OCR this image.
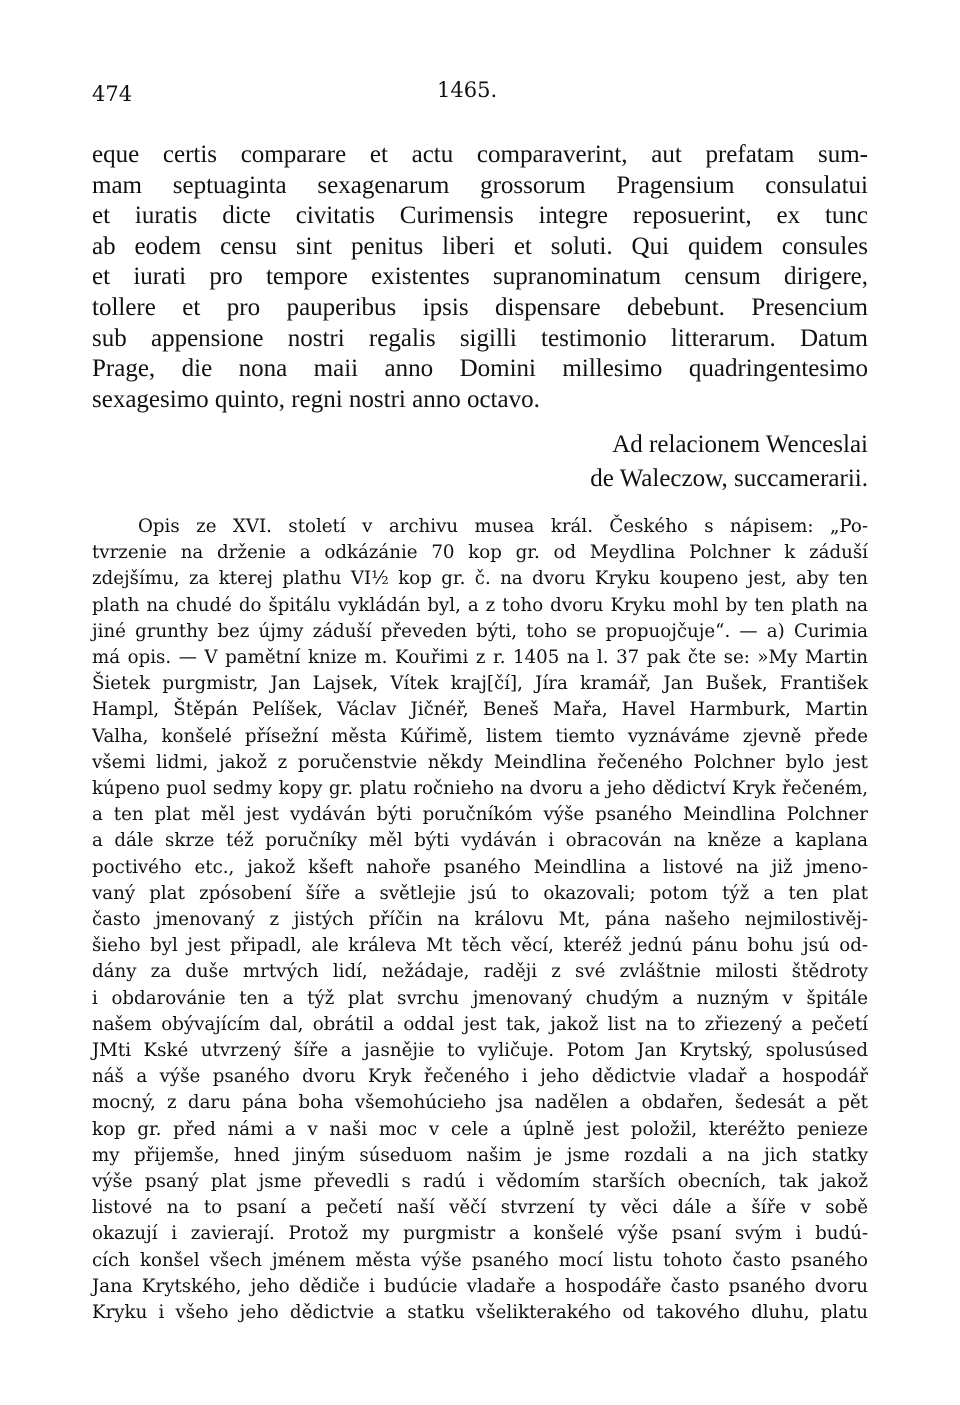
474	1465.
eque certis comparare et actu comparaverint, aut prefatam sum-
mam septuaginta sexagenarum grossorum Pragensium consulatui
et iuratis dicte civitatis Curimensis integre reposuerint, ex tunc
ab eodem censu sint penitus liberi et soluti. Qui quidem consules
et iurati pro tempore existentes supranominatum censum dirigere,
tollere et pro pauperibus ipsis dispensare debebunt. Presencium
sub appensione nostri regalis sigilli testimonio litterarum. Datum
Prage, die nona maii anno Domini millesimo quadringentesimo
sexagesimo quinto, regni nostri anno octavo.
Ad relacionem Wenceslai
de Waleczow, succamerarii.
Opis ze XVI. století v archivu musea král. Českého s nápisem: „Po-
tvrzenie na drženie a odkázánie 70 kop gr. od Meydlina Polchner k záduší
zdejšímu, za kterej plathu VI½ kop gr. č. na dvoru Kryku koupeno jest, aby ten
plath na chudé do špitálu vykládán byl, a z toho dvoru Kryku mohl by ten plath na
jiné grunthy bez újmy záduší převeden býti, toho se propuojčuje“. — a) Curimia
má opis. — V pamětní knize m. Kouřimi z r. 1405 na l. 37 pak čte se: »My Martin
Šietek purgmistr, Jan Lajsek, Vítek kraj[čí], Jíra kramář, Jan Bušek, František
Hampl, Štěpán Pelíšek, Václav Jičnéř, Beneš Mařa, Havel Harmburk, Martin
Valha, konšelé přísežní města Kúřimě, listem tiemto vyznáváme zjevně přede
všemi lidmi, jakož z poručenstvie někdy Meindlina řečeného Polchner bylo jest
kúpeno puol sedmy kopy gr. platu ročnieho na dvoru a jeho dědictví Kryk řečeném,
a ten plat měl jest vydáván býti poručníkóm výše psaného Meindlina Polchner
a dále skrze též poručníky měl býti vydáván i obracován na kněze a kaplana
poctivého etc., jakož kšeft nahoře psaného Meindlina a listové na již jmeno-
vaný plat zpósobení šíře a světlejie jsú to okazovali; potom týž a ten plat
často jmenovaný z jistých příčin na královu Mt, pána našeho nejmilostivěj-
šieho byl jest připadl, ale králeva Mt těch věcí, kteréž jednú pánu bohu jsú od-
dány za duše mrtvých lidí, nežádaje, raději z své zvláštnie milosti štědroty
i obdarovánie ten a týž plat svrchu jmenovaný chudým a nuzným v špitále
našem obývajícím dal, obrátil a oddal jest tak, jakož list na to zřiezený a pečetí
JMti Kské utvrzený šíře a jasnějie to vyličuje. Potom Jan Krytský, spolusúsed
náš a výše psaného dvoru Kryk řečeného i jeho dědictvie vladař a hospodář
mocný, z daru pána boha všemohúcieho jsa nadělen a obdařen, šedesát a pět
kop gr. před námi a v naši moc v cele a úplně jest položil, kteréžto penieze
my přijemše, hned jiným súseduom našim je jsme rozdali a na jich statky
výše psaný plat jsme převedli s radú i vědomím starších obecních, tak jakož
listové na to psaní a pečetí naší věčí stvrzení ty věci dále a šíře v sobě
okazují i zavierají. Protož my purgmistr a konšelé výše psaní svým i budú-
cích konšel všech jménem města výše psaného mocí listu tohoto často psaného
Jana Krytského, jeho dědiče i budúcie vladaře a hospodáře často psaného dvoru
Kryku i všeho jeho dědictvie a statku všelikterakého od takového dluhu, platu
